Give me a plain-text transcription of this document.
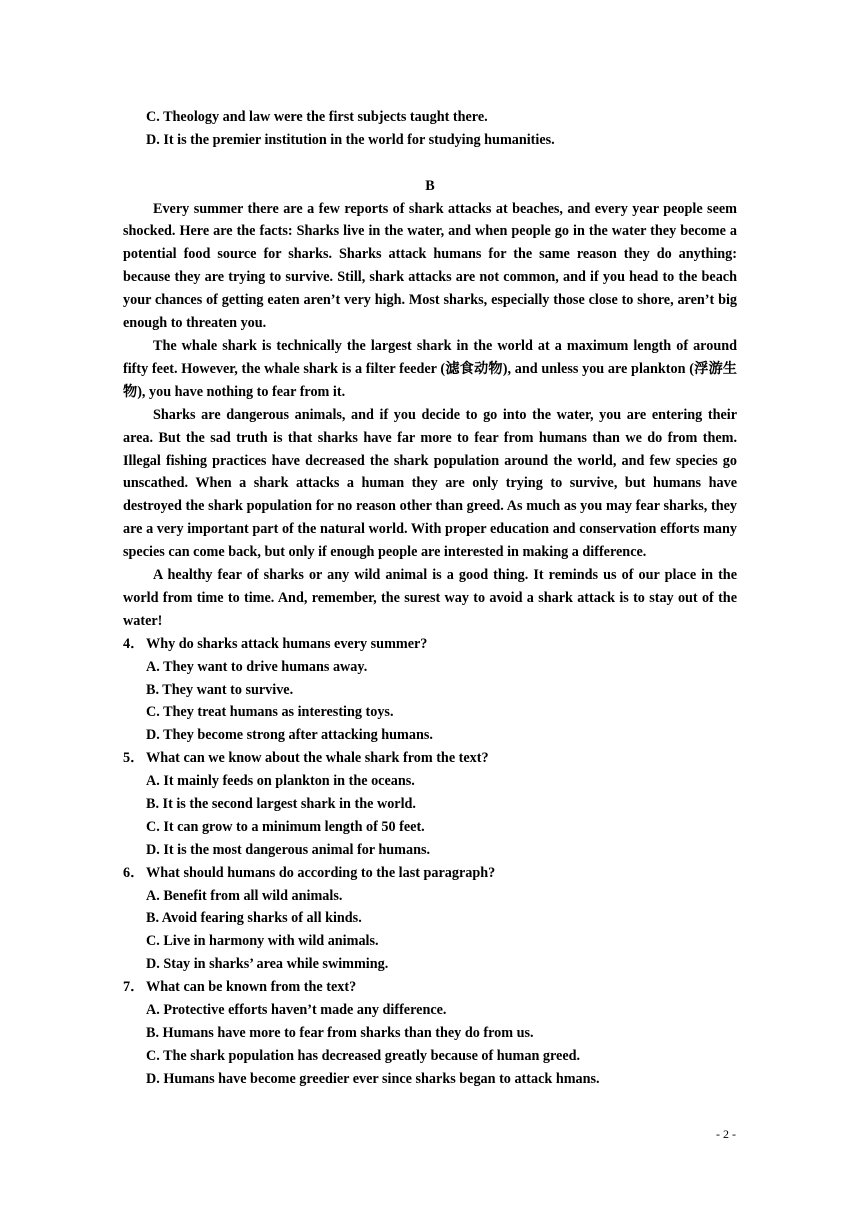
C. Theology and law were the first subjects taught there.
D. It is the premier institution in the world for studying humanities.
B

Every summer there are a few reports of shark attacks at beaches, and every year people seem shocked. Here are the facts: Sharks live in the water, and when people go in the water they become a potential food source for sharks. Sharks attack humans for the same reason they do anything: because they are trying to survive. Still, shark attacks are not common, and if you head to the beach your chances of getting eaten aren’t very high. Most sharks, especially those close to shore, aren’t big enough to threaten you.

The whale shark is technically the largest shark in the world at a maximum length of around fifty feet. However, the whale shark is a filter feeder (滤食动物), and unless you are plankton (浮游生物), you have nothing to fear from it.

Sharks are dangerous animals, and if you decide to go into the water, you are entering their area. But the sad truth is that sharks have far more to fear from humans than we do from them. Illegal fishing practices have decreased the shark population around the world, and few species go unscathed. When a shark attacks a human they are only trying to survive, but humans have destroyed the shark population for no reason other than greed. As much as you may fear sharks, they are a very important part of the natural world. With proper education and conservation efforts many species can come back, but only if enough people are interested in making a difference.

A healthy fear of sharks or any wild animal is a good thing. It reminds us of our place in the world from time to time. And, remember, the surest way to avoid a shark attack is to stay out of the water!

4． Why do sharks attack humans every summer?
A. They want to drive humans away.
B. They want to survive.
C. They treat humans as interesting toys.
D. They become strong after attacking humans.
5． What can we know about the whale shark from the text?
A. It mainly feeds on plankton in the oceans.
B. It is the second largest shark in the world.
C. It can grow to a minimum length of 50 feet.
D. It is the most dangerous animal for humans.
6． What should humans do according to the last paragraph?
A. Benefit from all wild animals.
B. Avoid fearing sharks of all kinds.
C. Live in harmony with wild animals.
D. Stay in sharks’ area while swimming.
7． What can be known from the text?
A. Protective efforts haven’t made any difference.
B. Humans have more to fear from sharks than they do from us.
C. The shark population has decreased greatly because of human greed.
D. Humans have become greedier ever since sharks began to attack hmans.
- 2 -
